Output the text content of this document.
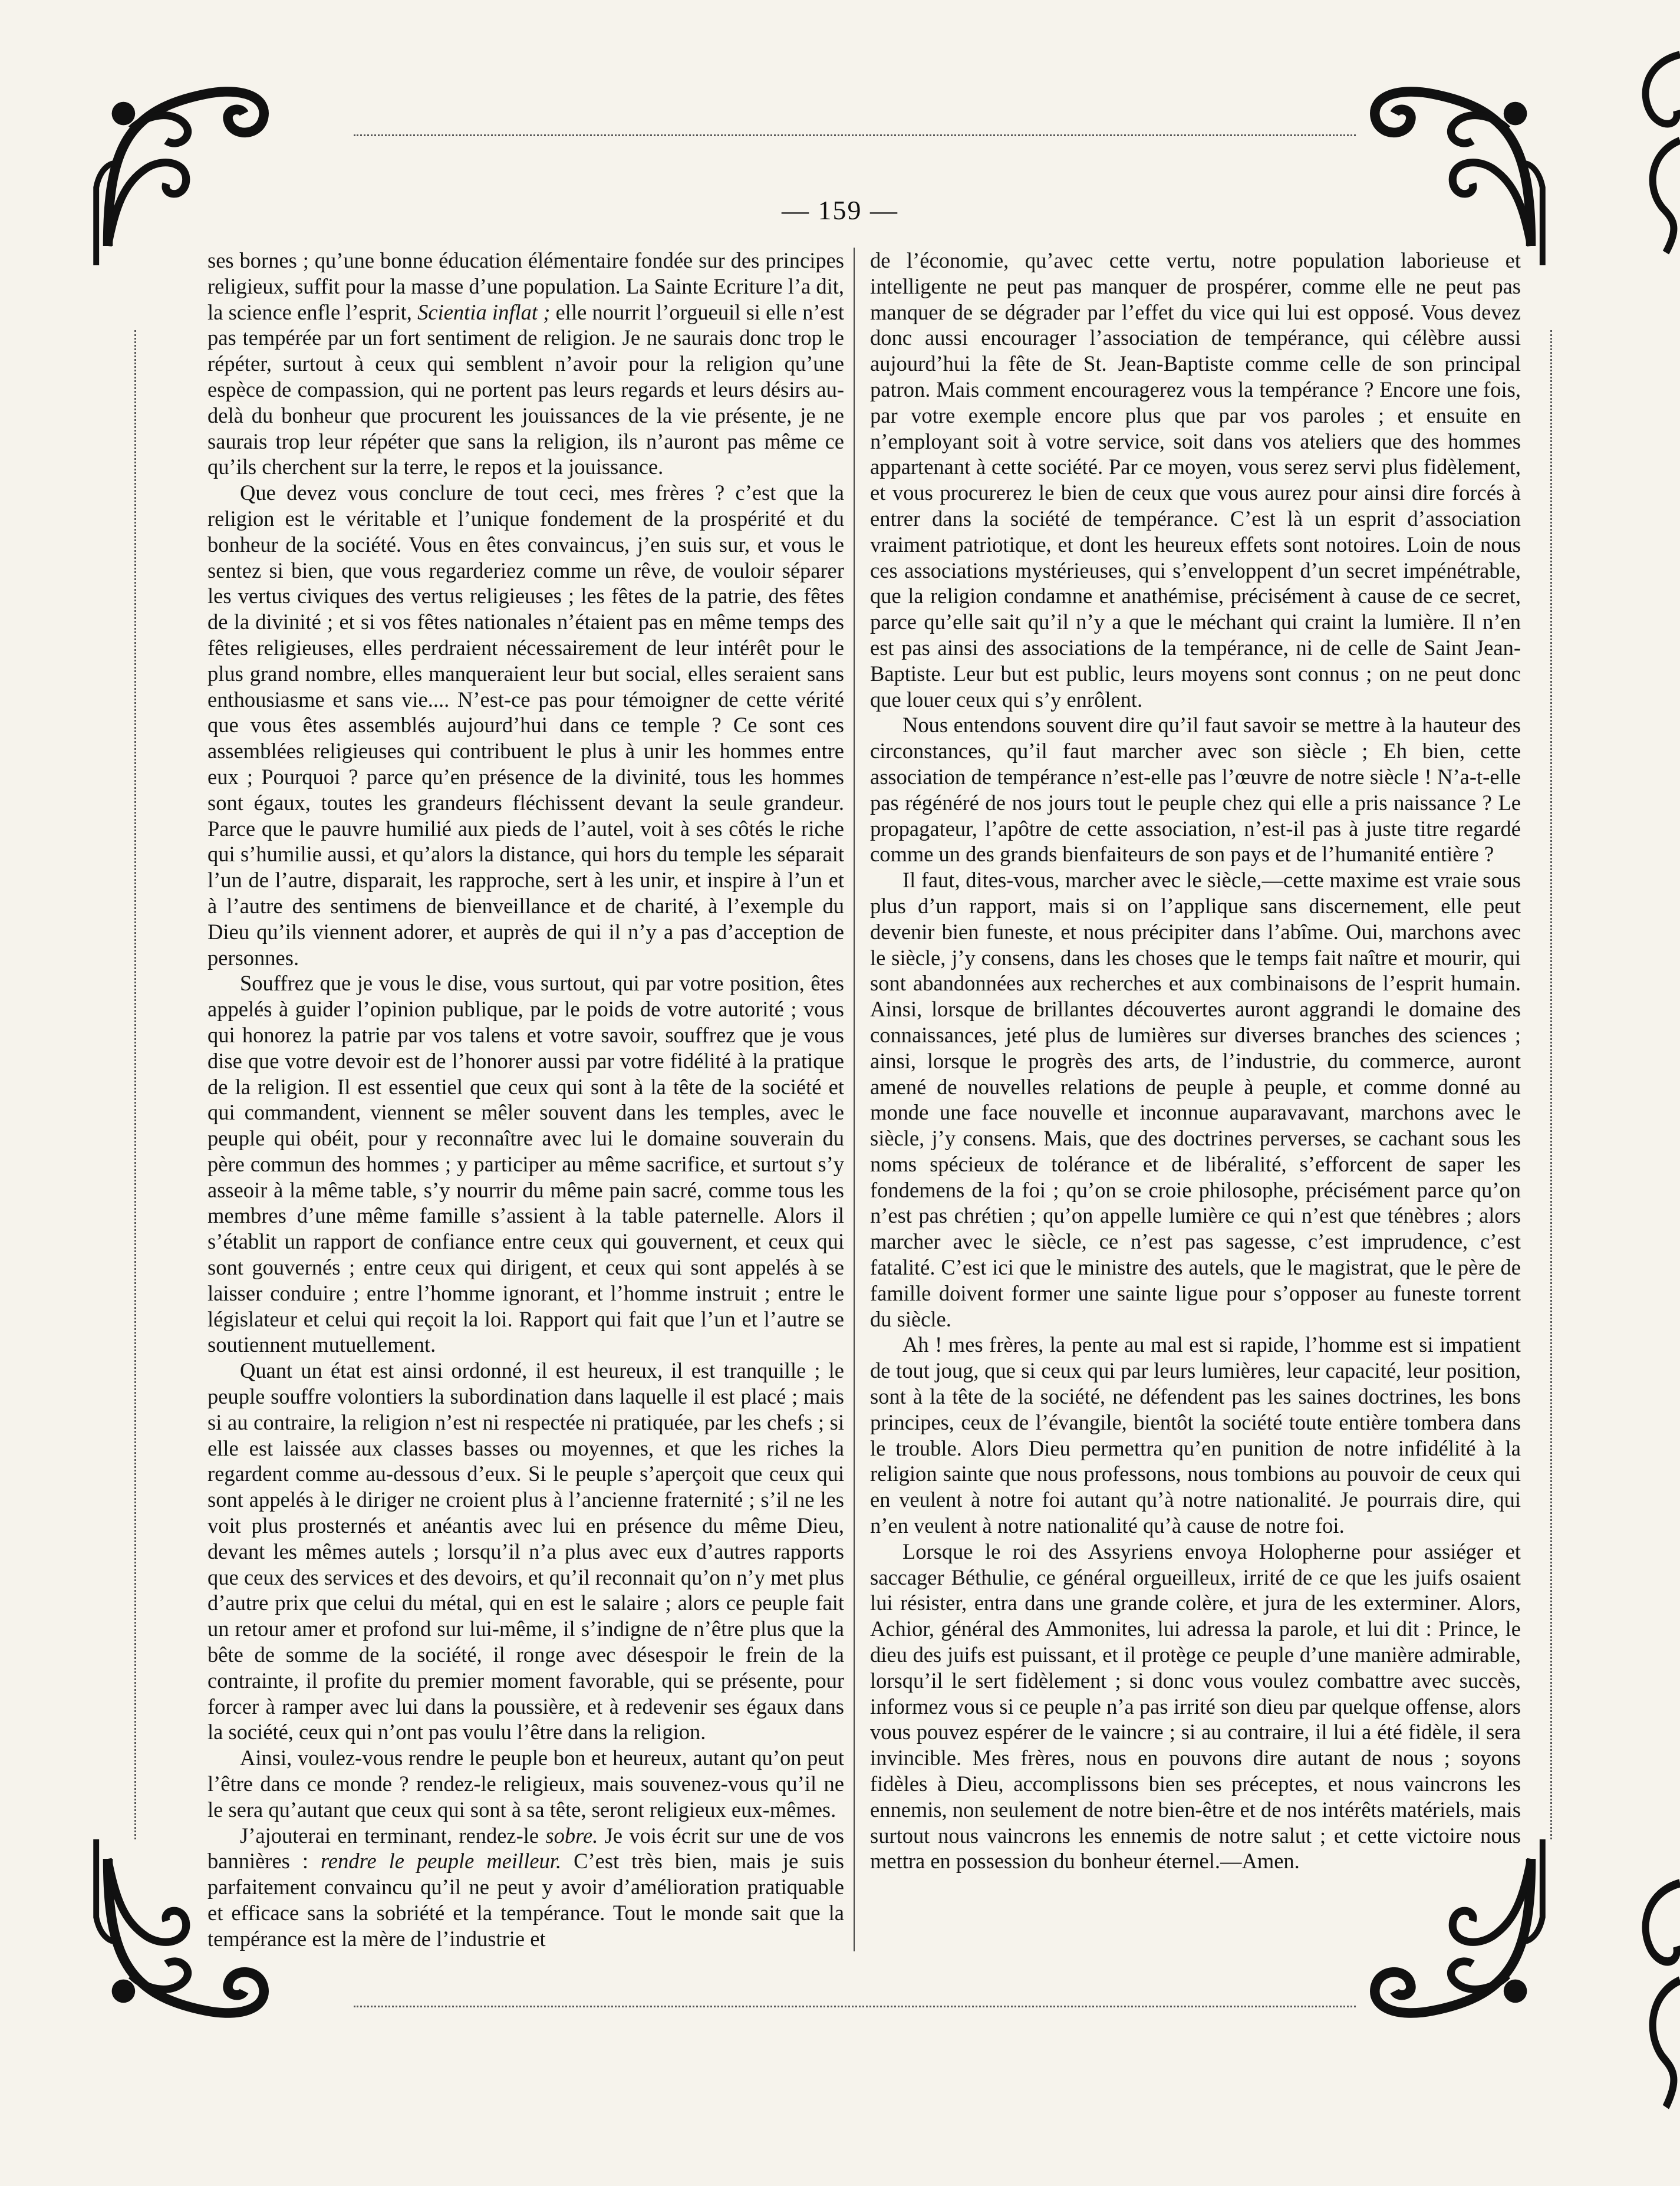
— 159 —

ses bornes ; qu’une bonne éducation élémentaire fondée sur des principes religieux, suffit pour la masse d’une population. La Sainte Ecriture l’a dit, la science enfle l’esprit, Scientia inflat ; elle nourrit l’orgueuil si elle n’est pas tempérée par un fort sentiment de religion. Je ne saurais donc trop le répéter, surtout à ceux qui semblent n’avoir pour la religion qu’une espèce de compassion, qui ne portent pas leurs regards et leurs désirs au-delà du bonheur que procurent les jouissances de la vie présente, je ne saurais trop leur répéter que sans la religion, ils n’auront pas même ce qu’ils cherchent sur la terre, le repos et la jouissance.

Que devez vous conclure de tout ceci, mes frères ? c’est que la religion est le véritable et l’unique fondement de la prospérité et du bonheur de la société. Vous en êtes convaincus, j’en suis sur, et vous le sentez si bien, que vous regarderiez comme un rêve, de vouloir séparer les vertus civiques des vertus religieuses ; les fêtes de la patrie, des fêtes de la divinité ; et si vos fêtes nationales n’étaient pas en même temps des fêtes religieuses, elles perdraient nécessairement de leur intérêt pour le plus grand nombre, elles manqueraient leur but social, elles seraient sans enthousiasme et sans vie.... N’est-ce pas pour témoigner de cette vérité que vous êtes assemblés aujourd’hui dans ce temple ? Ce sont ces assemblées religieuses qui contribuent le plus à unir les hommes entre eux ; Pourquoi ? parce qu’en présence de la divinité, tous les hommes sont égaux, toutes les grandeurs fléchissent devant la seule grandeur. Parce que le pauvre humilié aux pieds de l’autel, voit à ses côtés le riche qui s’humilie aussi, et qu’alors la distance, qui hors du temple les séparait l’un de l’autre, disparait, les rapproche, sert à les unir, et inspire à l’un et à l’autre des sentimens de bienveillance et de charité, à l’exemple du Dieu qu’ils viennent adorer, et auprès de qui il n’y a pas d’acception de personnes.

Souffrez que je vous le dise, vous surtout, qui par votre position, êtes appelés à guider l’opinion publique, par le poids de votre autorité ; vous qui honorez la patrie par vos talens et votre savoir, souffrez que je vous dise que votre devoir est de l’honorer aussi par votre fidélité à la pratique de la religion. Il est essentiel que ceux qui sont à la tête de la société et qui commandent, viennent se mêler souvent dans les temples, avec le peuple qui obéit, pour y reconnaître avec lui le domaine souverain du père commun des hommes ; y participer au même sacrifice, et surtout s’y asseoir à la même table, s’y nourrir du même pain sacré, comme tous les membres d’une même famille s’assient à la table paternelle. Alors il s’établit un rapport de confiance entre ceux qui gouvernent, et ceux qui sont gouvernés ; entre ceux qui dirigent, et ceux qui sont appelés à se laisser conduire ; entre l’homme ignorant, et l’homme instruit ; entre le législateur et celui qui reçoit la loi. Rapport qui fait que l’un et l’autre se soutiennent mutuellement.

Quant un état est ainsi ordonné, il est heureux, il est tranquille ; le peuple souffre volontiers la subordination dans laquelle il est placé ; mais si au contraire, la religion n’est ni respectée ni pratiquée, par les chefs ; si elle est laissée aux classes basses ou moyennes, et que les riches la regardent comme au-dessous d’eux. Si le peuple s’aperçoit que ceux qui sont appelés à le diriger ne croient plus à l’ancienne fraternité ; s’il ne les voit plus prosternés et anéantis avec lui en présence du même Dieu, devant les mêmes autels ; lorsqu’il n’a plus avec eux d’autres rapports que ceux des services et des devoirs, et qu’il reconnait qu’on n’y met plus d’autre prix que celui du métal, qui en est le salaire ; alors ce peuple fait un retour amer et profond sur lui-même, il s’indigne de n’être plus que la bête de somme de la société, il ronge avec désespoir le frein de la contrainte, il profite du premier moment favorable, qui se présente, pour forcer à ramper avec lui dans la poussière, et à redevenir ses égaux dans la société, ceux qui n’ont pas voulu l’être dans la religion.

Ainsi, voulez-vous rendre le peuple bon et heureux, autant qu’on peut l’être dans ce monde ? rendez-le religieux, mais souvenez-vous qu’il ne le sera qu’autant que ceux qui sont à sa tête, seront religieux eux-mêmes.

J’ajouterai en terminant, rendez-le sobre. Je vois écrit sur une de vos bannières : rendre le peuple meilleur. C’est très bien, mais je suis parfaitement convaincu qu’il ne peut y avoir d’amélioration pratiquable et efficace sans la sobriété et la tempérance. Tout le monde sait que la tempérance est la mère de l’industrie et

de l’économie, qu’avec cette vertu, notre population laborieuse et intelligente ne peut pas manquer de prospérer, comme elle ne peut pas manquer de se dégrader par l’effet du vice qui lui est opposé. Vous devez donc aussi encourager l’association de tempérance, qui célèbre aussi aujourd’hui la fête de St. Jean-Baptiste comme celle de son principal patron. Mais comment encouragerez vous la tempérance ? Encore une fois, par votre exemple encore plus que par vos paroles ; et ensuite en n’employant soit à votre service, soit dans vos ateliers que des hommes appartenant à cette société. Par ce moyen, vous serez servi plus fidèlement, et vous procurerez le bien de ceux que vous aurez pour ainsi dire forcés à entrer dans la société de tempérance. C’est là un esprit d’association vraiment patriotique, et dont les heureux effets sont notoires. Loin de nous ces associations mystérieuses, qui s’enveloppent d’un secret impénétrable, que la religion condamne et anathémise, précisément à cause de ce secret, parce qu’elle sait qu’il n’y a que le méchant qui craint la lumière. Il n’en est pas ainsi des associations de la tempérance, ni de celle de Saint Jean-Baptiste. Leur but est public, leurs moyens sont connus ; on ne peut donc que louer ceux qui s’y enrôlent.

Nous entendons souvent dire qu’il faut savoir se mettre à la hauteur des circonstances, qu’il faut marcher avec son siècle ; Eh bien, cette association de tempérance n’est-elle pas l’œuvre de notre siècle ! N’a-t-elle pas régénéré de nos jours tout le peuple chez qui elle a pris naissance ? Le propagateur, l’apôtre de cette association, n’est-il pas à juste titre regardé comme un des grands bienfaiteurs de son pays et de l’humanité entière ?

Il faut, dites-vous, marcher avec le siècle,—cette maxime est vraie sous plus d’un rapport, mais si on l’applique sans discernement, elle peut devenir bien funeste, et nous précipiter dans l’abîme. Oui, marchons avec le siècle, j’y consens, dans les choses que le temps fait naître et mourir, qui sont abandonnées aux recherches et aux combinaisons de l’esprit humain. Ainsi, lorsque de brillantes découvertes auront aggrandi le domaine des connaissances, jeté plus de lumières sur diverses branches des sciences ; ainsi, lorsque le progrès des arts, de l’industrie, du commerce, auront amené de nouvelles relations de peuple à peuple, et comme donné au monde une face nouvelle et inconnue auparavavant, marchons avec le siècle, j’y consens. Mais, que des doctrines perverses, se cachant sous les noms spécieux de tolérance et de libéralité, s’efforcent de saper les fondemens de la foi ; qu’on se croie philosophe, précisément parce qu’on n’est pas chrétien ; qu’on appelle lumière ce qui n’est que ténèbres ; alors marcher avec le siècle, ce n’est pas sagesse, c’est imprudence, c’est fatalité. C’est ici que le ministre des autels, que le magistrat, que le père de famille doivent former une sainte ligue pour s’opposer au funeste torrent du siècle.

Ah ! mes frères, la pente au mal est si rapide, l’homme est si impatient de tout joug, que si ceux qui par leurs lumières, leur capacité, leur position, sont à la tête de la société, ne défendent pas les saines doctrines, les bons principes, ceux de l’évangile, bientôt la société toute entière tombera dans le trouble. Alors Dieu permettra qu’en punition de notre infidélité à la religion sainte que nous professons, nous tombions au pouvoir de ceux qui en veulent à notre foi autant qu’à notre nationalité. Je pourrais dire, qui n’en veulent à notre nationalité qu’à cause de notre foi.

Lorsque le roi des Assyriens envoya Holopherne pour assiéger et saccager Béthulie, ce général orgueilleux, irrité de ce que les juifs osaient lui résister, entra dans une grande colère, et jura de les exterminer. Alors, Achior, général des Ammonites, lui adressa la parole, et lui dit : Prince, le dieu des juifs est puissant, et il protège ce peuple d’une manière admirable, lorsqu’il le sert fidèlement ; si donc vous voulez combattre avec succès, informez vous si ce peuple n’a pas irrité son dieu par quelque offense, alors vous pouvez espérer de le vaincre ; si au contraire, il lui a été fidèle, il sera invincible. Mes frères, nous en pouvons dire autant de nous ; soyons fidèles à Dieu, accomplissons bien ses préceptes, et nous vaincrons les ennemis, non seulement de notre bien-être et de nos intérêts matériels, mais surtout nous vaincrons les ennemis de notre salut ; et cette victoire nous mettra en possession du bonheur éternel.—Amen.
